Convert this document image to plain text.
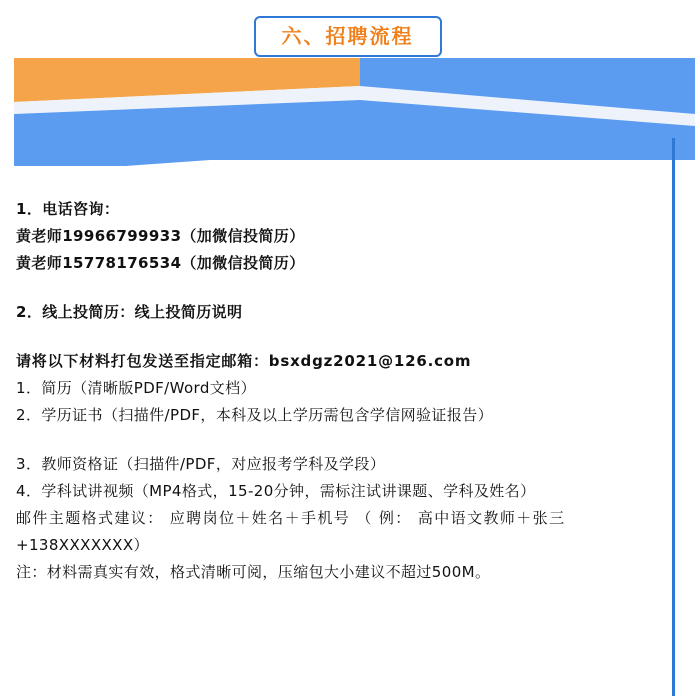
六、招聘流程
1．电话咨询：
黄老师19966799933（加微信投简历）
黄老师15778176534（加微信投简历）
2．线上投简历：线上投简历说明
请将以下材料打包发送至指定邮箱：bsxdgz2021@126.com
1．简历（清晰版PDF/Word文档）
2．学历证书（扫描件/PDF，本科及以上学历需包含学信网验证报告）
3．教师资格证（扫描件/PDF，对应报考学科及学段）
4．学科试讲视频（MP4格式，15-20分钟，需标注试讲课题、学科及姓名）
邮件主题格式建议： 应聘岗位＋姓名＋手机号 （ 例： 高中语文教师＋张三
+138XXXXXXX）
注：材料需真实有效，格式清晰可阅，压缩包大小建议不超过500M。
